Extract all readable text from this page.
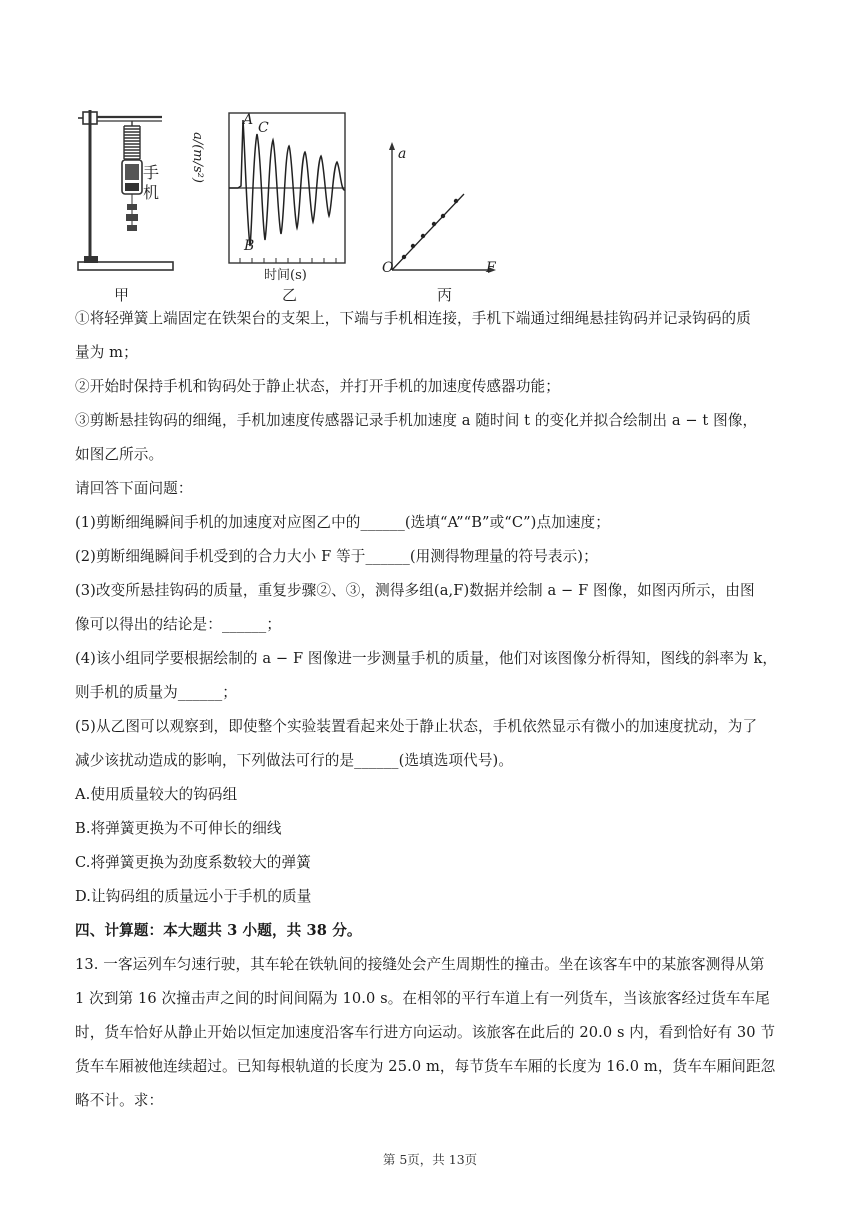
手
机
甲
A C
B
a/(m/s²)
时间(s)
乙
a
O	F
丙
①将轻弹簧上端固定在铁架台的支架上，下端与手机相连接，手机下端通过细绳悬挂钩码并记录钩码的质
量为 m；
②开始时保持手机和钩码处于静止状态，并打开手机的加速度传感器功能；
③剪断悬挂钩码的细绳，手机加速度传感器记录手机加速度 a 随时间 t 的变化并拟合绘制出 a − t 图像，
如图乙所示。
请回答下面问题：
(1)剪断细绳瞬间手机的加速度对应图乙中的______(选填“A”“B”或“C”)点加速度；
(2)剪断细绳瞬间手机受到的合力大小 F 等于______(用测得物理量的符号表示)；
(3)改变所悬挂钩码的质量，重复步骤②、③，测得多组(a,F)数据并绘制 a − F 图像，如图丙所示，由图
像可以得出的结论是：______；
(4)该小组同学要根据绘制的 a − F 图像进一步测量手机的质量，他们对该图像分析得知，图线的斜率为 k，
则手机的质量为______；
(5)从乙图可以观察到，即使整个实验装置看起来处于静止状态，手机依然显示有微小的加速度扰动，为了
减少该扰动造成的影响，下列做法可行的是______(选填选项代号)。
A.使用质量较大的钩码组
B.将弹簧更换为不可伸长的细线
C.将弹簧更换为劲度系数较大的弹簧
D.让钩码组的质量远小于手机的质量
四、计算题：本大题共 3 小题，共 38 分。
13. 一客运列车匀速行驶，其车轮在铁轨间的接缝处会产生周期性的撞击。坐在该客车中的某旅客测得从第
1 次到第 16 次撞击声之间的时间间隔为 10.0 s。在相邻的平行车道上有一列货车，当该旅客经过货车车尾
时，货车恰好从静止开始以恒定加速度沿客车行进方向运动。该旅客在此后的 20.0 s 内，看到恰好有 30 节
货车车厢被他连续超过。已知每根轨道的长度为 25.0 m，每节货车车厢的长度为 16.0 m，货车车厢间距忽
略不计。求：
第 5页，共 13页
